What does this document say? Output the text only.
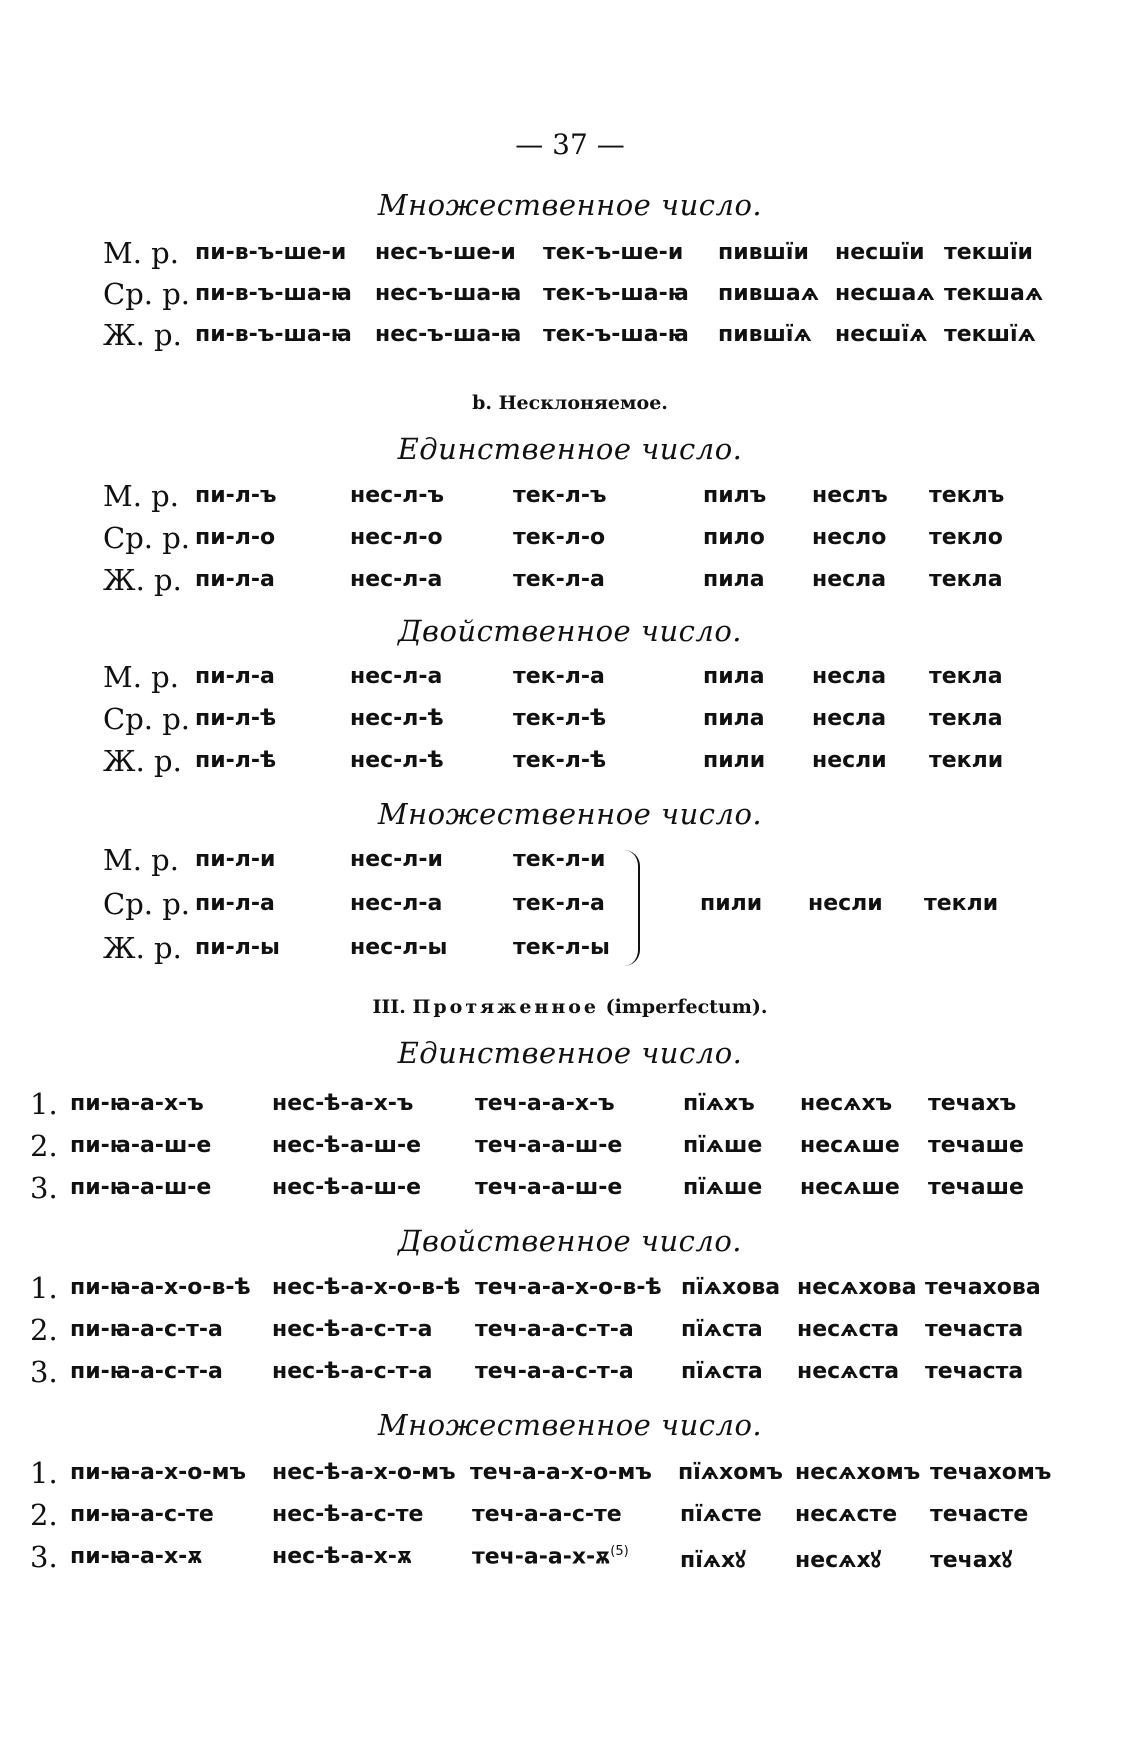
— 37 —
Множественное число.
М. р. пи-в-ъ-ше-и нес-ъ-ше-и тек-ъ-ше-и пившїи несшїи текшїи
Ср. р. пи-в-ъ-ша-ꙗ нес-ъ-ша-ꙗ тек-ъ-ша-ꙗ пившаѧ несшаѧ текшаѧ
Ж. р. пи-в-ъ-ша-ꙗ нес-ъ-ша-ꙗ тек-ъ-ша-ꙗ пившїѧ несшїѧ текшїѧ
b. Несклоняемое.
Единственное число.
М. р. пи-л-ъ	нес-л-ъ	тек-л-ъ	пилъ неслъ теклъ
Ср. р. пи-л-о	нес-л-о	тек-л-о	пило несло текло
Ж. р. пи-л-а	нес-л-а	тек-л-а	пила несла текла
Двойственное число.
М. р. пи-л-а	нес-л-а	тек-л-а	пила несла текла
Ср. р. пи-л-ѣ	нес-л-ѣ	тек-л-ѣ	пила несла текла
Ж. р. пи-л-ѣ	нес-л-ѣ	тек-л-ѣ	пили несли текли
Множественное число.
М. р. пи-л-и	нес-л-и	тек-л-и
Ср. р. пи-л-а	нес-л-а	тек-л-а	пили несли текли
Ж. р. пи-л-ы	нес-л-ы	тек-л-ы
III. Протяженное (imperfectum).
Единственное число.
1. пи-ꙗ-а-х-ъ	нес-ѣ-а-х-ъ	теч-а-а-х-ъ	пїѧхъ несѧхъ течахъ
2. пи-ꙗ-а-ш-е	нес-ѣ-а-ш-е теч-а-а-ш-е	пїѧше несѧше течаше
3. пи-ꙗ-а-ш-е	нес-ѣ-а-ш-е теч-а-а-ш-е	пїѧше несѧше течаше
Двойственное число.
1. пи-ꙗ-а-х-о-в-ѣ нес-ѣ-а-х-о-в-ѣ теч-а-а-х-о-в-ѣ пїѧхова несѧхова течахова
2. пи-ꙗ-а-с-т-а нес-ѣ-а-с-т-а теч-а-а-с-т-а пїѧста несѧста течаста
3. пи-ꙗ-а-с-т-а нес-ѣ-а-с-т-а теч-а-а-с-т-а пїѧста несѧста течаста
Множественное число.
1. пи-ꙗ-а-х-о-мъ нес-ѣ-а-х-о-мъ теч-а-а-х-о-мъ пїѧхомъ несѧхомъ течахомъ
2. пи-ꙗ-а-с-те	нес-ѣ-а-с-те теч-а-а-с-те	пїѧсте несѧсте течасте
3. пи-ꙗ-а-х-ѫ	нес-ѣ-а-х-ѫ	теч-$а-а-х-ѫ^{(5)}$ пїѧхꙋ несѧхꙋ течахꙋ
